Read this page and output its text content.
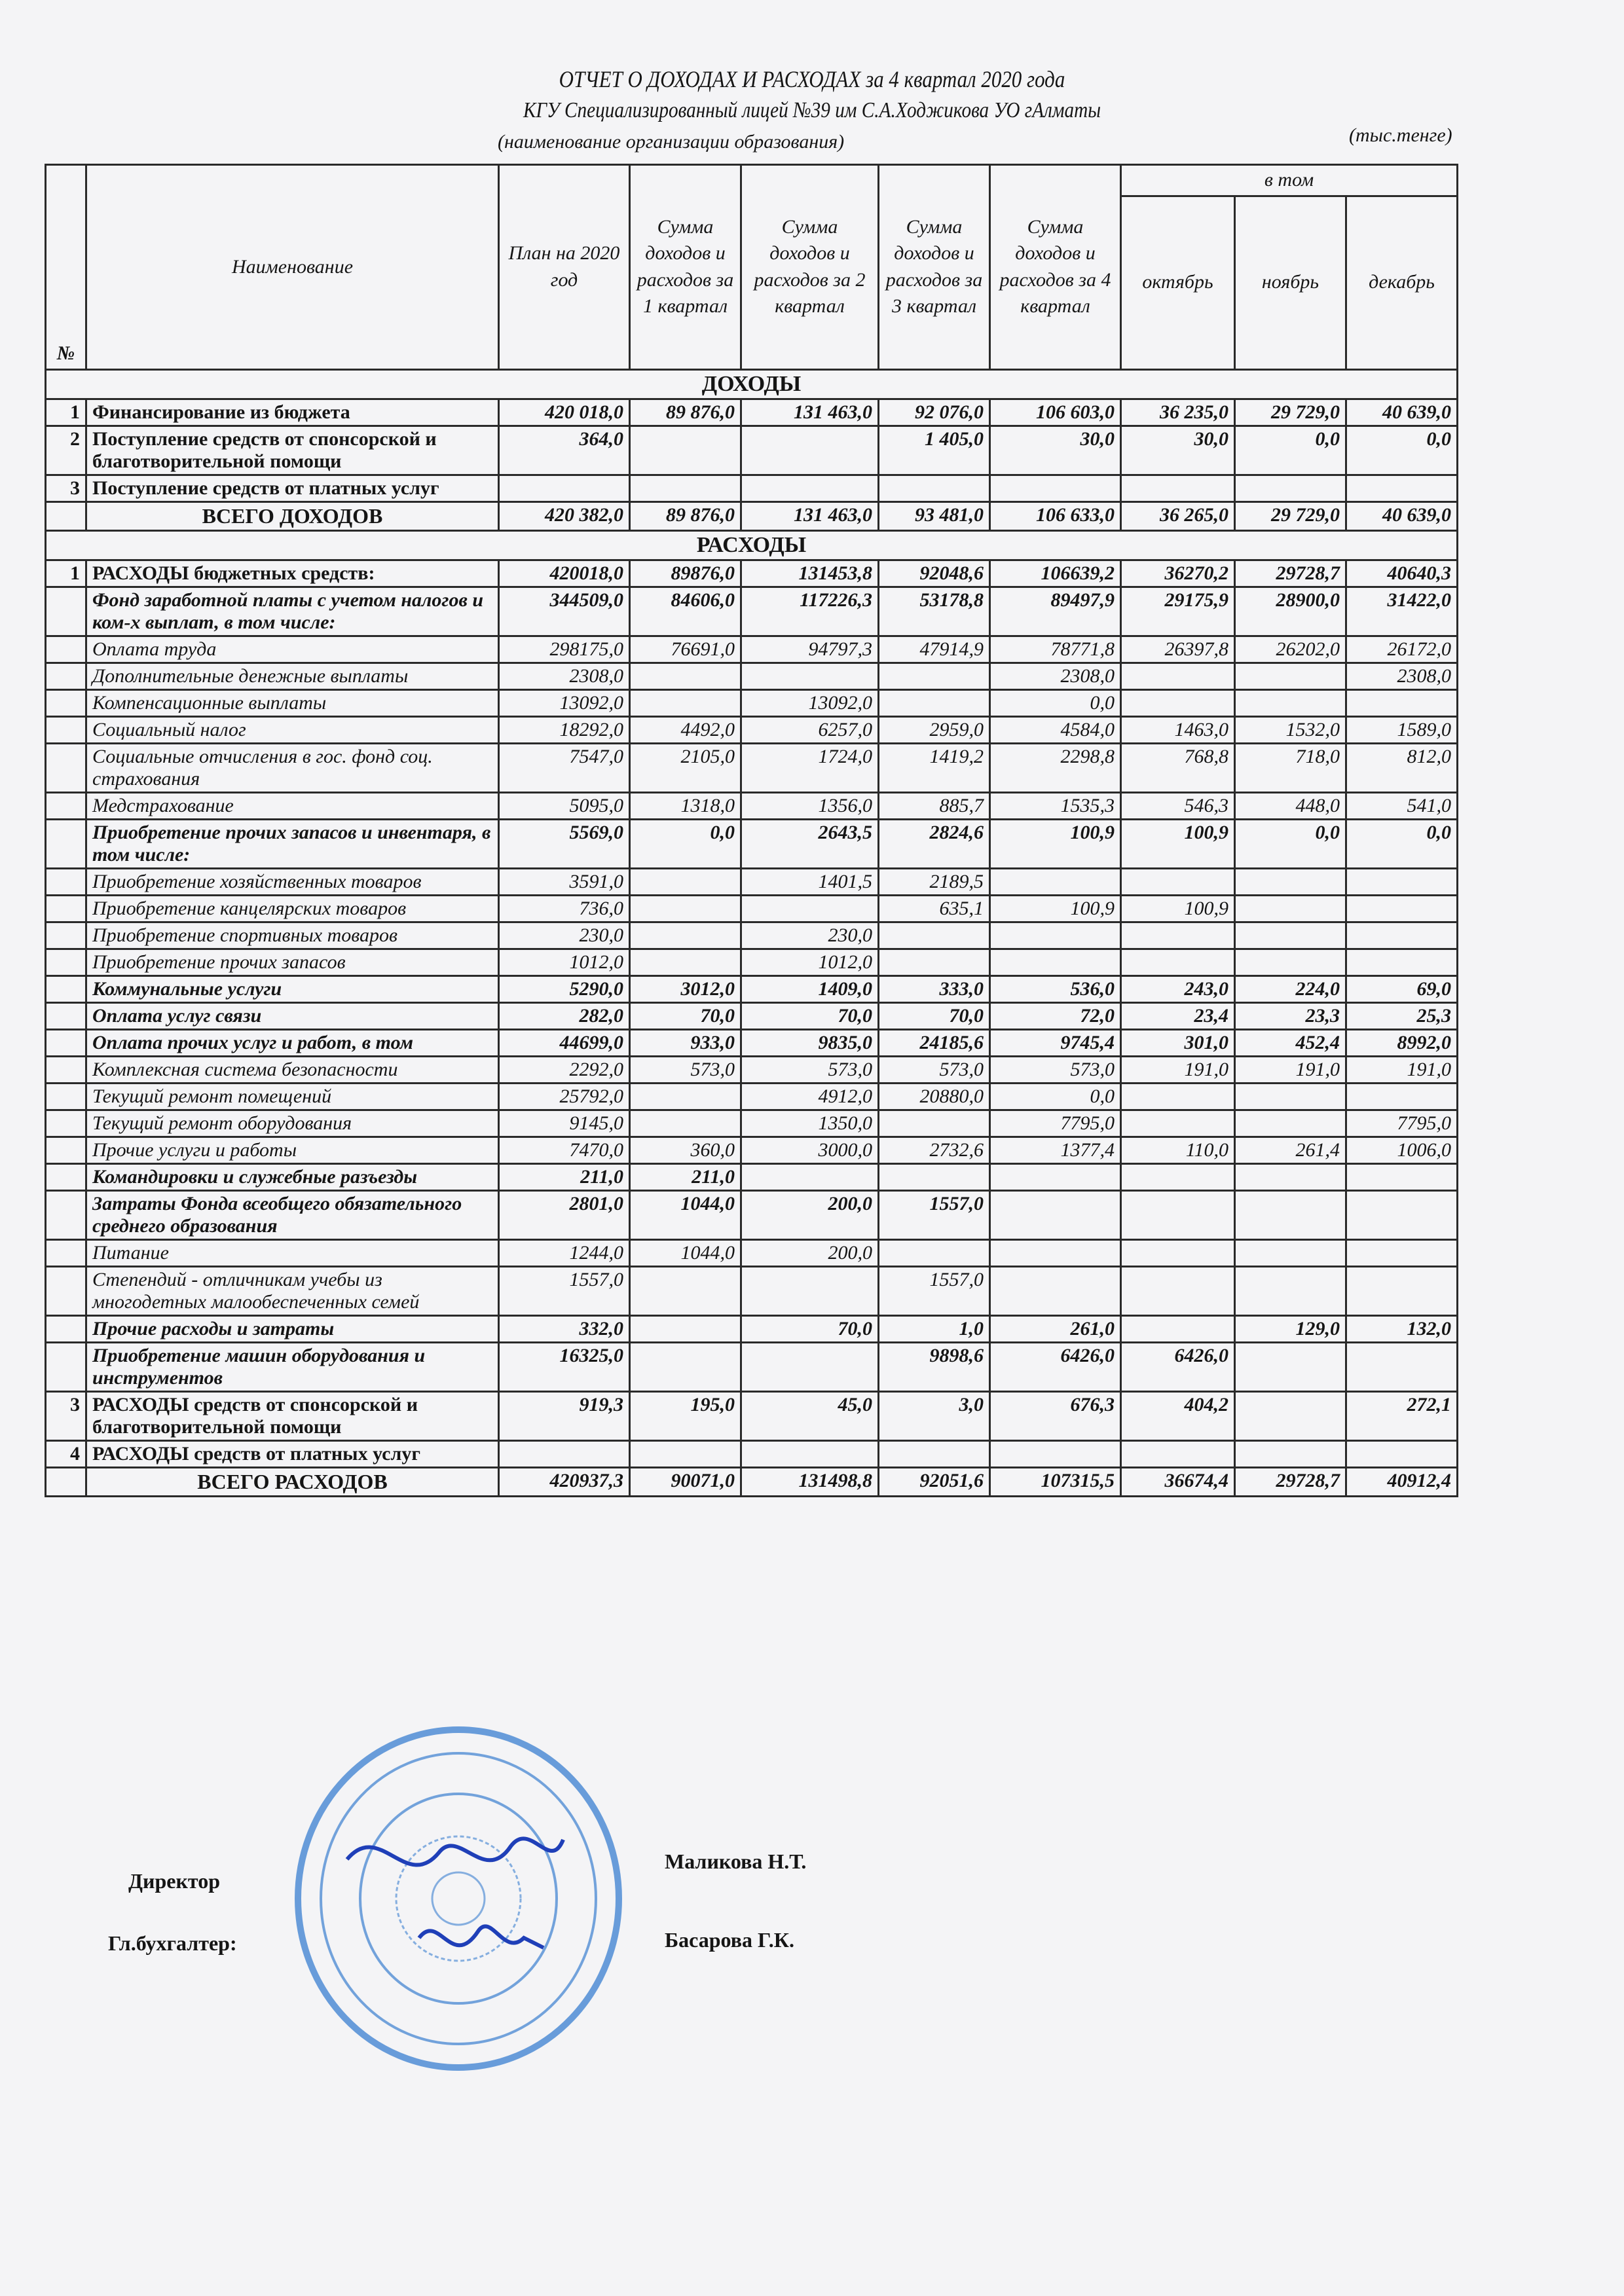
ОТЧЕТ О ДОХОДАХ И РАСХОДАХ за 4 квартал 2020 года
КГУ Специализированный лицей №39 им С.А.Ходжикова УО гАлматы
(наименование организации образования)	(тыс.тенге)
№	Наименование	План на 2020 год	Сумма доходов и расходов за 1 квартал	Сумма доходов и расходов за 2 квартал	Сумма доходов и расходов за 3 квартал	Сумма доходов и расходов за 4 квартал	в том		
							октябрь	ноябрь	декабрь
ДОХОДЫ									
1	Финансирование из бюджета	420 018,0	89 876,0	131 463,0	92 076,0	106 603,0	36 235,0	29 729,0	40 639,0
2	Поступление средств от спонсорской и благотворительной помощи	364,0			1 405,0	30,0	30,0	0,0	0,0
3	Поступление средств от платных услуг								
	ВСЕГО ДОХОДОВ	420 382,0	89 876,0	131 463,0	93 481,0	106 633,0	36 265,0	29 729,0	40 639,0
РАСХОДЫ									
1	РАСХОДЫ бюджетных средств:	420018,0	89876,0	131453,8	92048,6	106639,2	36270,2	29728,7	40640,3
	Фонд заработной платы с учетом налогов и ком-х выплат, в том числе:	344509,0	84606,0	117226,3	53178,8	89497,9	29175,9	28900,0	31422,0
	Оплата труда	298175,0	76691,0	94797,3	47914,9	78771,8	26397,8	26202,0	26172,0
	Дополнительные денежные выплаты	2308,0				2308,0			2308,0
	Компенсационные выплаты	13092,0		13092,0		0,0			
	Социальный налог	18292,0	4492,0	6257,0	2959,0	4584,0	1463,0	1532,0	1589,0
	Социальные отчисления в гос. фонд соц. страхования	7547,0	2105,0	1724,0	1419,2	2298,8	768,8	718,0	812,0
	Медстрахование	5095,0	1318,0	1356,0	885,7	1535,3	546,3	448,0	541,0
	Приобретение прочих запасов и инвентаря, в том числе:	5569,0	0,0	2643,5	2824,6	100,9	100,9	0,0	0,0
	Приобретение хозяйственных товаров	3591,0		1401,5	2189,5				
	Приобретение канцелярских товаров	736,0			635,1	100,9	100,9		
	Приобретение спортивных товаров	230,0		230,0					
	Приобретение прочих запасов	1012,0		1012,0					
	Коммунальные услуги	5290,0	3012,0	1409,0	333,0	536,0	243,0	224,0	69,0
	Оплата услуг связи	282,0	70,0	70,0	70,0	72,0	23,4	23,3	25,3
	Оплата прочих услуг и работ, в том	44699,0	933,0	9835,0	24185,6	9745,4	301,0	452,4	8992,0
	Комплексная система безопасности	2292,0	573,0	573,0	573,0	573,0	191,0	191,0	191,0
	Текущий ремонт помещений	25792,0		4912,0	20880,0	0,0			
	Текущий ремонт оборудования	9145,0		1350,0		7795,0			7795,0
	Прочие услуги и работы	7470,0	360,0	3000,0	2732,6	1377,4	110,0	261,4	1006,0
	Командировки и служебные разъезды	211,0	211,0						
	Затраты Фонда всеобщего обязательного среднего образования	2801,0	1044,0	200,0	1557,0				
	Питание	1244,0	1044,0	200,0					
	Степендий - отличникам учебы из многодетных малообеспеченных семей	1557,0			1557,0				
	Прочие расходы и затраты	332,0		70,0	1,0	261,0		129,0	132,0
	Приобретение машин оборудования и инструментов	16325,0			9898,6	6426,0	6426,0		
3	РАСХОДЫ средств от спонсорской и благотворительной помощи	919,3	195,0	45,0	3,0	676,3	404,2		272,1
4	РАСХОДЫ средств от платных услуг								
	ВСЕГО РАСХОДОВ	420937,3	90071,0	131498,8	92051,6	107315,5	36674,4	29728,7	40912,4
Директор
Маликова Н.Т.
Гл.бухгалтер:	Басарова Г.К.
